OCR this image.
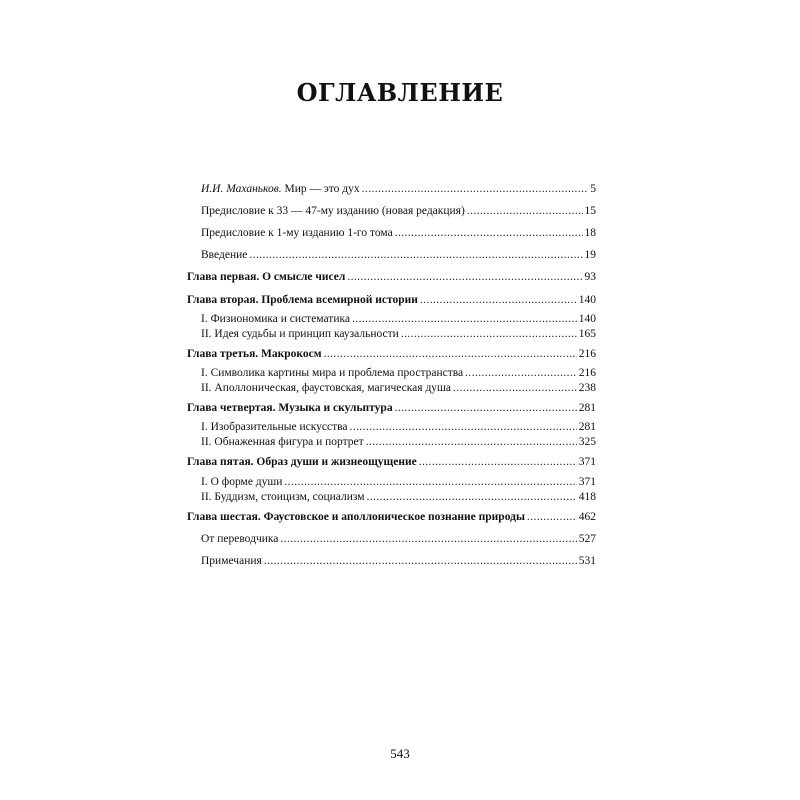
ОГЛАВЛЕНИЕ
И.И. Маханьков. Мир — это дух .....	5
Предисловие к 33 — 47-му изданию (новая редакция) .....	15
Предисловие к 1-му изданию 1-го тома .....	18
Введение .....	19
Глава первая. О смысле чисел .....	93
Глава вторая. Проблема всемирной истории .....	140
I. Физиономика и систематика .....	140
II. Идея судьбы и принцип каузальности .....	165
Глава третья. Макрокосм .....	216
I. Символика картины мира и проблема пространства .....	216
II. Аполлоническая, фаустовская, магическая душа .....	238
Глава четвертая. Музыка и скульптура .....	281
I. Изобразительные искусства .....	281
II. Обнаженная фигура и портрет .....	325
Глава пятая. Образ души и жизнеощущение .....	371
I. О форме души .....	371
II. Буддизм, стоицизм, социализм .....	418
Глава шестая. Фаустовское и аполлоническое познание природы .....	462
От переводчика .....	527
Примечания .....	531
543
